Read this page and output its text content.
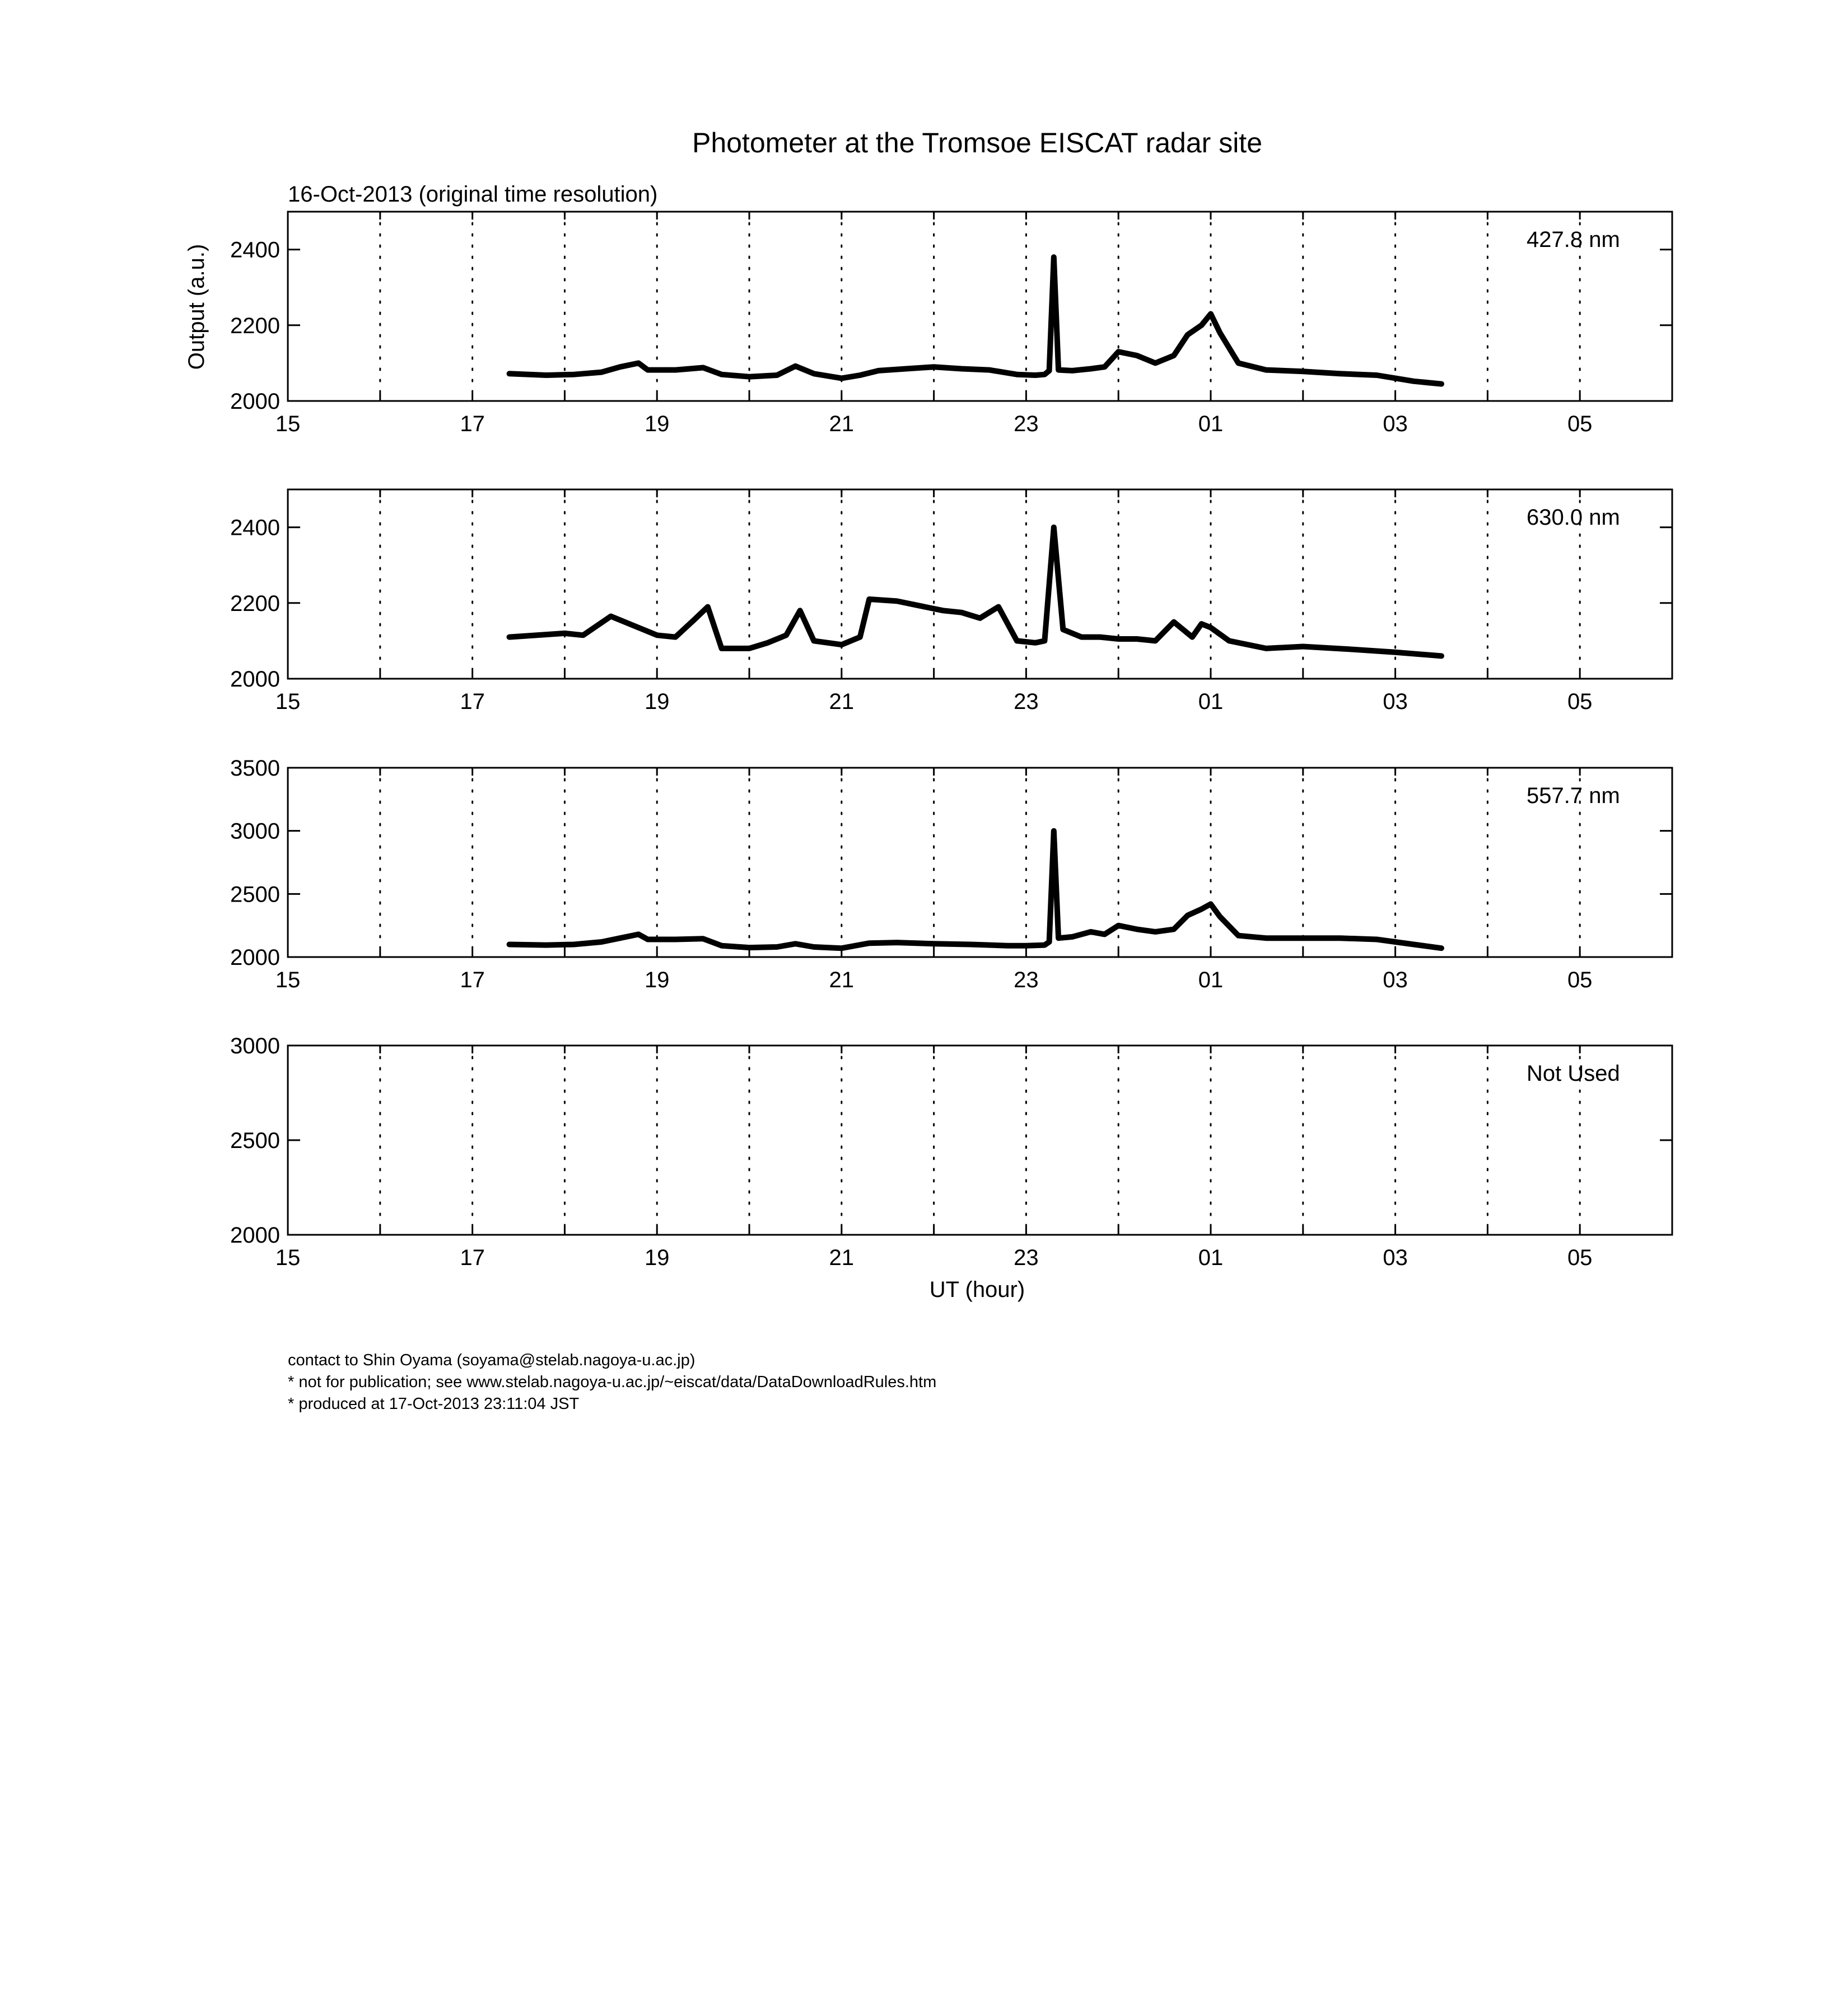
Photometer at the Tromsoe EISCAT radar site
16-Oct-2013 (original time resolution)
Output (a.u.)
UT (hour)
15	17	19	21	23	01	03	05
2000
2200
2400	427.8 nm
15	17	19	21	23	01	03	05
2000
2200
2400	630.0 nm
15	17	19	21	23	01	03	05
2000
2500
3000
3500
557.7 nm
15	17	19	21	23	01	03	05
2000
2500
3000
Not Used
contact to Shin Oyama (soyama@stelab.nagoya-u.ac.jp)
* not for publication; see www.stelab.nagoya-u.ac.jp/~eiscat/data/DataDownloadRules.htm
* produced at 17-Oct-2013 23:11:04 JST
